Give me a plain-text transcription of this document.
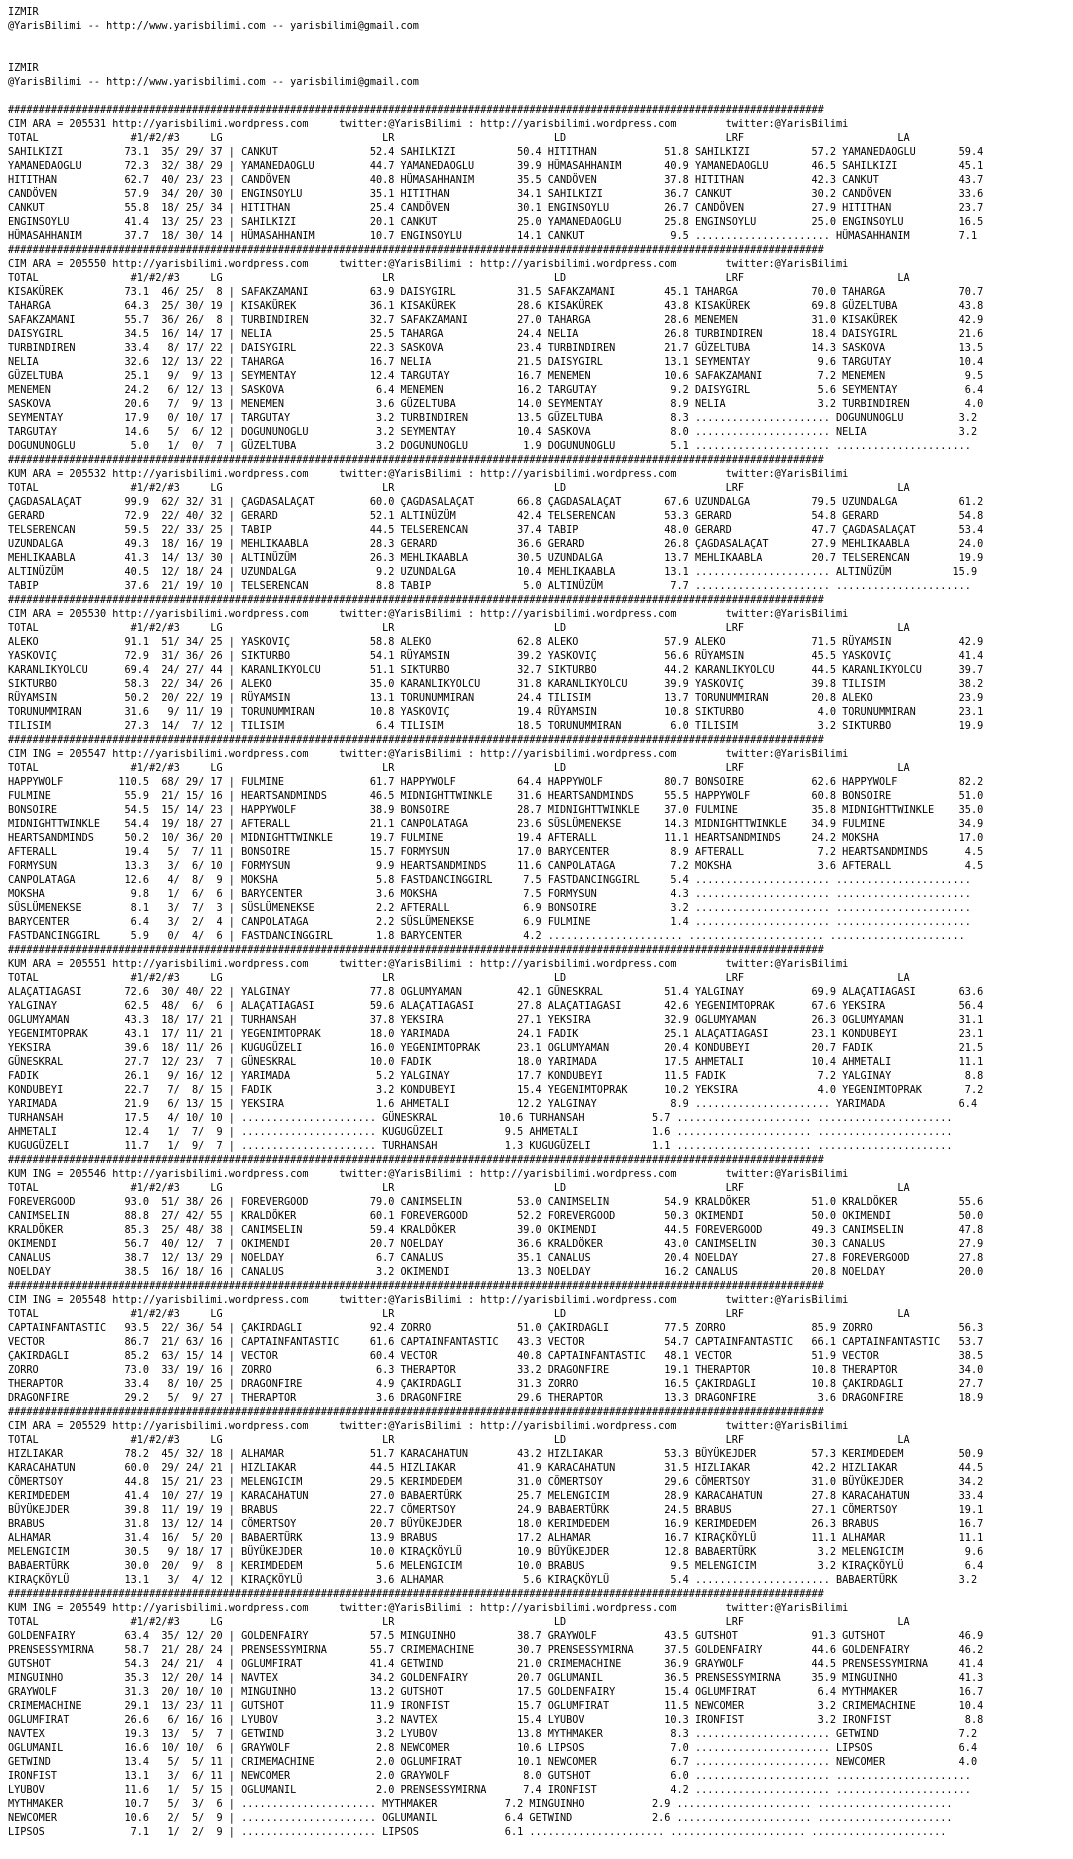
IZMIR
@YarisBilimi -- http://www.yarisbilimi.com -- yarisbilimi@gmail.com
IZMIR
@YarisBilimi -- http://www.yarisbilimi.com -- yarisbilimi@gmail.com
#####################################################################################################################################
CIM ARA = 205531 http://yarisbilimi.wordpress.com     twitter:@YarisBilimi : http://yarisbilimi.wordpress.com        twitter:@YarisBilimi
TOTAL               #1/#2/#3     LG                          LR                          LD                          LRF                         LA
SAHILKIZI          73.1  35/ 29/ 37 | CANKUT               52.4 SAHILKIZI          50.4 HITITHAN           51.8 SAHILKIZI          57.2 YAMANEDAOGLU       59.4
YAMANEDAOGLU       72.3  32/ 38/ 29 | YAMANEDAOGLU         44.7 YAMANEDAOGLU       39.9 HÜMASAHHANIM       40.9 YAMANEDAOGLU       46.5 SAHILKIZI          45.1
HITITHAN           62.7  40/ 23/ 23 | CANDÖVEN             40.8 HÜMASAHHANIM       35.5 CANDÖVEN           37.8 HITITHAN           42.3 CANKUT             43.7
CANDÖVEN           57.9  34/ 20/ 30 | ENGINSOYLU           35.1 HITITHAN           34.1 SAHILKIZI          36.7 CANKUT             30.2 CANDÖVEN           33.6
CANKUT             55.8  18/ 25/ 34 | HITITHAN             25.4 CANDÖVEN           30.1 ENGINSOYLU         26.7 CANDÖVEN           27.9 HITITHAN           23.7
ENGINSOYLU         41.4  13/ 25/ 23 | SAHILKIZI            20.1 CANKUT             25.0 YAMANEDAOGLU       25.8 ENGINSOYLU         25.0 ENGINSOYLU         16.5
HÜMASAHHANIM       37.7  18/ 30/ 14 | HÜMASAHHANIM         10.7 ENGINSOYLU         14.1 CANKUT              9.5 ...................... HÜMASAHHANIM        7.1
#####################################################################################################################################
CIM ARA = 205550 http://yarisbilimi.wordpress.com     twitter:@YarisBilimi : http://yarisbilimi.wordpress.com        twitter:@YarisBilimi
TOTAL               #1/#2/#3     LG                          LR                          LD                          LRF                         LA
KISAKÜREK          73.1  46/ 25/  8 | SAFAKZAMANI          63.9 DAISYGIRL          31.5 SAFAKZAMANI        45.1 TAHARGA            70.0 TAHARGA            70.7
TAHARGA            64.3  25/ 30/ 19 | KISAKÜREK            36.1 KISAKÜREK          28.6 KISAKÜREK          43.8 KISAKÜREK          69.8 GÜZELTUBA          43.8
SAFAKZAMANI        55.7  36/ 26/  8 | TURBINDIREN          32.7 SAFAKZAMANI        27.0 TAHARGA            28.6 MENEMEN            31.0 KISAKÜREK          42.9
DAISYGIRL          34.5  16/ 14/ 17 | NELIA                25.5 TAHARGA            24.4 NELIA              26.8 TURBINDIREN        18.4 DAISYGIRL          21.6
TURBINDIREN        33.4   8/ 17/ 22 | DAISYGIRL            22.3 SASKOVA            23.4 TURBINDIREN        21.7 GÜZELTUBA          14.3 SASKOVA            13.5
NELIA              32.6  12/ 13/ 22 | TAHARGA              16.7 NELIA              21.5 DAISYGIRL          13.1 SEYMENTAY           9.6 TARGUTAY           10.4
GÜZELTUBA          25.1   9/  9/ 13 | SEYMENTAY            12.4 TARGUTAY           16.7 MENEMEN            10.6 SAFAKZAMANI         7.2 MENEMEN             9.5
MENEMEN            24.2   6/ 12/ 13 | SASKOVA               6.4 MENEMEN            16.2 TARGUTAY            9.2 DAISYGIRL           5.6 SEYMENTAY           6.4
SASKOVA            20.6   7/  9/ 13 | MENEMEN               3.6 GÜZELTUBA          14.0 SEYMENTAY           8.9 NELIA               3.2 TURBINDIREN         4.0
SEYMENTAY          17.9   0/ 10/ 17 | TARGUTAY              3.2 TURBINDIREN        13.5 GÜZELTUBA           8.3 ...................... DOGUNUNOGLU         3.2
TARGUTAY           14.6   5/  6/ 12 | DOGUNUNOGLU           3.2 SEYMENTAY          10.4 SASKOVA             8.0 ...................... NELIA               3.2
DOGUNUNOGLU         5.0   1/  0/  7 | GÜZELTUBA             3.2 DOGUNUNOGLU         1.9 DOGUNUNOGLU         5.1 ...................... ......................
#####################################################################################################################################
KUM ARA = 205532 http://yarisbilimi.wordpress.com     twitter:@YarisBilimi : http://yarisbilimi.wordpress.com        twitter:@YarisBilimi
TOTAL               #1/#2/#3     LG                          LR                          LD                          LRF                         LA
ÇAGDASALAÇAT       99.9  62/ 32/ 31 | ÇAGDASALAÇAT         60.0 ÇAGDASALAÇAT       66.8 ÇAGDASALAÇAT       67.6 UZUNDALGA          79.5 UZUNDALGA          61.2
GERARD             72.9  22/ 40/ 32 | GERARD               52.1 ALTINÜZÜM          42.4 TELSERENCAN        53.3 GERARD             54.8 GERARD             54.8
TELSERENCAN        59.5  22/ 33/ 25 | TABIP                44.5 TELSERENCAN        37.4 TABIP              48.0 GERARD             47.7 ÇAGDASALAÇAT       53.4
UZUNDALGA          49.3  18/ 16/ 19 | MEHLIKAABLA          28.3 GERARD             36.6 GERARD             26.8 ÇAGDASALAÇAT       27.9 MEHLIKAABLA        24.0
MEHLIKAABLA        41.3  14/ 13/ 30 | ALTINÜZÜM            26.3 MEHLIKAABLA        30.5 UZUNDALGA          13.7 MEHLIKAABLA        20.7 TELSERENCAN        19.9
ALTINÜZÜM          40.5  12/ 18/ 24 | UZUNDALGA             9.2 UZUNDALGA          10.4 MEHLIKAABLA        13.1 ...................... ALTINÜZÜM          15.9
TABIP              37.6  21/ 19/ 10 | TELSERENCAN           8.8 TABIP               5.0 ALTINÜZÜM           7.7 ...................... ......................
#####################################################################################################################################
CIM ARA = 205530 http://yarisbilimi.wordpress.com     twitter:@YarisBilimi : http://yarisbilimi.wordpress.com        twitter:@YarisBilimi
TOTAL               #1/#2/#3     LG                          LR                          LD                          LRF                         LA
ALEKO              91.1  51/ 34/ 25 | YASKOVIÇ             58.8 ALEKO              62.8 ALEKO              57.9 ALEKO              71.5 RÜYAMSIN           42.9
YASKOVIÇ           72.9  31/ 36/ 26 | SIKTURBO             54.1 RÜYAMSIN           39.2 YASKOVIÇ           56.6 RÜYAMSIN           45.5 YASKOVIÇ           41.4
KARANLIKYOLCU      69.4  24/ 27/ 44 | KARANLIKYOLCU        51.1 SIKTURBO           32.7 SIKTURBO           44.2 KARANLIKYOLCU      44.5 KARANLIKYOLCU      39.7
SIKTURBO           58.3  22/ 34/ 26 | ALEKO                35.0 KARANLIKYOLCU      31.8 KARANLIKYOLCU      39.9 YASKOVIÇ           39.8 TILISIM            38.2
RÜYAMSIN           50.2  20/ 22/ 19 | RÜYAMSIN             13.1 TORUNUMMIRAN       24.4 TILISIM            13.7 TORUNUMMIRAN       20.8 ALEKO              23.9
TORUNUMMIRAN       31.6   9/ 11/ 19 | TORUNUMMIRAN         10.8 YASKOVIÇ           19.4 RÜYAMSIN           10.8 SIKTURBO            4.0 TORUNUMMIRAN       23.1
TILISIM            27.3  14/  7/ 12 | TILISIM               6.4 TILISIM            18.5 TORUNUMMIRAN        6.0 TILISIM             3.2 SIKTURBO           19.9
#####################################################################################################################################
CIM ING = 205547 http://yarisbilimi.wordpress.com     twitter:@YarisBilimi : http://yarisbilimi.wordpress.com        twitter:@YarisBilimi
TOTAL               #1/#2/#3     LG                          LR                          LD                          LRF                         LA
HAPPYWOLF         110.5  68/ 29/ 17 | FULMINE              61.7 HAPPYWOLF          64.4 HAPPYWOLF          80.7 BONSOIRE           62.6 HAPPYWOLF          82.2
FULMINE            55.9  21/ 15/ 16 | HEARTSANDMINDS       46.5 MIDNIGHTTWINKLE    31.6 HEARTSANDMINDS     55.5 HAPPYWOLF          60.8 BONSOIRE           51.0
BONSOIRE           54.5  15/ 14/ 23 | HAPPYWOLF            38.9 BONSOIRE           28.7 MIDNIGHTTWINKLE    37.0 FULMINE            35.8 MIDNIGHTTWINKLE    35.0
MIDNIGHTTWINKLE    54.4  19/ 18/ 27 | AFTERALL             21.1 CANPOLATAGA        23.6 SÜSLÜMENEKSE       14.3 MIDNIGHTTWINKLE    34.9 FULMINE            34.9
HEARTSANDMINDS     50.2  10/ 36/ 20 | MIDNIGHTTWINKLE      19.7 FULMINE            19.4 AFTERALL           11.1 HEARTSANDMINDS     24.2 MOKSHA             17.0
AFTERALL           19.4   5/  7/ 11 | BONSOIRE             15.7 FORMYSUN           17.0 BARYCENTER          8.9 AFTERALL            7.2 HEARTSANDMINDS      4.5
FORMYSUN           13.3   3/  6/ 10 | FORMYSUN              9.9 HEARTSANDMINDS     11.6 CANPOLATAGA         7.2 MOKSHA              3.6 AFTERALL            4.5
CANPOLATAGA        12.6   4/  8/  9 | MOKSHA                5.8 FASTDANCINGGIRL     7.5 FASTDANCINGGIRL     5.4 ...................... ......................
MOKSHA              9.8   1/  6/  6 | BARYCENTER            3.6 MOKSHA              7.5 FORMYSUN            4.3 ...................... ......................
SÜSLÜMENEKSE        8.1   3/  7/  3 | SÜSLÜMENEKSE          2.2 AFTERALL            6.9 BONSOIRE            3.2 ...................... ......................
BARYCENTER          6.4   3/  2/  4 | CANPOLATAGA           2.2 SÜSLÜMENEKSE        6.9 FULMINE             1.4 ...................... ......................
FASTDANCINGGIRL     5.9   0/  4/  6 | FASTDANCINGGIRL       1.8 BARYCENTER          4.2 ...................... ...................... ......................
#####################################################################################################################################
KUM ARA = 205551 http://yarisbilimi.wordpress.com     twitter:@YarisBilimi : http://yarisbilimi.wordpress.com        twitter:@YarisBilimi
TOTAL               #1/#2/#3     LG                          LR                          LD                          LRF                         LA
ALAÇATIAGASI       72.6  30/ 40/ 22 | YALGINAY             77.8 OGLUMYAMAN         42.1 GÜNESKRAL          51.4 YALGINAY           69.9 ALAÇATIAGASI       63.6
YALGINAY           62.5  48/  6/  6 | ALAÇATIAGASI         59.6 ALAÇATIAGASI       27.8 ALAÇATIAGASI       42.6 YEGENIMTOPRAK      67.6 YEKSIRA            56.4
OGLUMYAMAN         43.3  18/ 17/ 21 | TURHANSAH            37.8 YEKSIRA            27.1 YEKSIRA            32.9 OGLUMYAMAN         26.3 OGLUMYAMAN         31.1
YEGENIMTOPRAK      43.1  17/ 11/ 21 | YEGENIMTOPRAK        18.0 YARIMADA           24.1 FADIK              25.1 ALAÇATIAGASI       23.1 KONDUBEYI          23.1
YEKSIRA            39.6  18/ 11/ 26 | KUGUGÜZELI           16.0 YEGENIMTOPRAK      23.1 OGLUMYAMAN         20.4 KONDUBEYI          20.7 FADIK              21.5
GÜNESKRAL          27.7  12/ 23/  7 | GÜNESKRAL            10.0 FADIK              18.0 YARIMADA           17.5 AHMETALI           10.4 AHMETALI           11.1
FADIK              26.1   9/ 16/ 12 | YARIMADA              5.2 YALGINAY           17.7 KONDUBEYI          11.5 FADIK               7.2 YALGINAY            8.8
KONDUBEYI          22.7   7/  8/ 15 | FADIK                 3.2 KONDUBEYI          15.4 YEGENIMTOPRAK      10.2 YEKSIRA             4.0 YEGENIMTOPRAK       7.2
YARIMADA           21.9   6/ 13/ 15 | YEKSIRA               1.6 AHMETALI           12.2 YALGINAY            8.9 ...................... YARIMADA            6.4
TURHANSAH          17.5   4/ 10/ 10 | ...................... GÜNESKRAL          10.6 TURHANSAH           5.7 ...................... ......................
AHMETALI           12.4   1/  7/  9 | ...................... KUGUGÜZELI          9.5 AHMETALI            1.6 ...................... ......................
KUGUGÜZELI         11.7   1/  9/  7 | ...................... TURHANSAH           1.3 KUGUGÜZELI          1.1 ...................... ......................
#####################################################################################################################################
KUM ING = 205546 http://yarisbilimi.wordpress.com     twitter:@YarisBilimi : http://yarisbilimi.wordpress.com        twitter:@YarisBilimi
TOTAL               #1/#2/#3     LG                          LR                          LD                          LRF                         LA
FOREVERGOOD        93.0  51/ 38/ 26 | FOREVERGOOD          79.0 CANIMSELIN         53.0 CANIMSELIN         54.9 KRALDÖKER          51.0 KRALDÖKER          55.6
CANIMSELIN         88.8  27/ 42/ 55 | KRALDÖKER            60.1 FOREVERGOOD        52.2 FOREVERGOOD        50.3 OKIMENDI           50.0 OKIMENDI           50.0
KRALDÖKER          85.3  25/ 48/ 38 | CANIMSELIN           59.4 KRALDÖKER          39.0 OKIMENDI           44.5 FOREVERGOOD        49.3 CANIMSELIN         47.8
OKIMENDI           56.7  40/ 12/  7 | OKIMENDI             20.7 NOELDAY            36.6 KRALDÖKER          43.0 CANIMSELIN         30.3 CANALUS            27.9
CANALUS            38.7  12/ 13/ 29 | NOELDAY               6.7 CANALUS            35.1 CANALUS            20.4 NOELDAY            27.8 FOREVERGOOD        27.8
NOELDAY            38.5  16/ 18/ 16 | CANALUS               3.2 OKIMENDI           13.3 NOELDAY            16.2 CANALUS            20.8 NOELDAY            20.0
#####################################################################################################################################
CIM ING = 205548 http://yarisbilimi.wordpress.com     twitter:@YarisBilimi : http://yarisbilimi.wordpress.com        twitter:@YarisBilimi
TOTAL               #1/#2/#3     LG                          LR                          LD                          LRF                         LA
CAPTAINFANTASTIC   93.5  22/ 36/ 54 | ÇAKIRDAGLI           92.4 ZORRO              51.0 ÇAKIRDAGLI         77.5 ZORRO              85.9 ZORRO              56.3
VECTOR             86.7  21/ 63/ 16 | CAPTAINFANTASTIC     61.6 CAPTAINFANTASTIC   43.3 VECTOR             54.7 CAPTAINFANTASTIC   66.1 CAPTAINFANTASTIC   53.7
ÇAKIRDAGLI         85.2  63/ 15/ 14 | VECTOR               60.4 VECTOR             40.8 CAPTAINFANTASTIC   48.1 VECTOR             51.9 VECTOR             38.5
ZORRO              73.0  33/ 19/ 16 | ZORRO                 6.3 THERAPTOR          33.2 DRAGONFIRE         19.1 THERAPTOR          10.8 THERAPTOR          34.0
THERAPTOR          33.4   8/ 10/ 25 | DRAGONFIRE            4.9 ÇAKIRDAGLI         31.3 ZORRO              16.5 ÇAKIRDAGLI         10.8 ÇAKIRDAGLI         27.7
DRAGONFIRE         29.2   5/  9/ 27 | THERAPTOR             3.6 DRAGONFIRE         29.6 THERAPTOR          13.3 DRAGONFIRE          3.6 DRAGONFIRE         18.9
#####################################################################################################################################
CIM ARA = 205529 http://yarisbilimi.wordpress.com     twitter:@YarisBilimi : http://yarisbilimi.wordpress.com        twitter:@YarisBilimi
TOTAL               #1/#2/#3     LG                          LR                          LD                          LRF                         LA
HIZLIAKAR          78.2  45/ 32/ 18 | ALHAMAR              51.7 KARACAHATUN        43.2 HIZLIAKAR          53.3 BÜYÜKEJDER         57.3 KERIMDEDEM         50.9
KARACAHATUN        60.0  29/ 24/ 21 | HIZLIAKAR            44.5 HIZLIAKAR          41.9 KARACAHATUN        31.5 HIZLIAKAR          42.2 HIZLIAKAR          44.5
CÖMERTSOY          44.8  15/ 21/ 23 | MELENGICIM           29.5 KERIMDEDEM         31.0 CÖMERTSOY          29.6 CÖMERTSOY          31.0 BÜYÜKEJDER         34.2
KERIMDEDEM         41.4  10/ 27/ 19 | KARACAHATUN          27.0 BABAERTÜRK         25.7 MELENGICIM         28.9 KARACAHATUN        27.8 KARACAHATUN        33.4
BÜYÜKEJDER         39.8  11/ 19/ 19 | BRABUS               22.7 CÖMERTSOY          24.9 BABAERTÜRK         24.5 BRABUS             27.1 CÖMERTSOY          19.1
BRABUS             31.8  13/ 12/ 14 | CÖMERTSOY            20.7 BÜYÜKEJDER         18.0 KERIMDEDEM         16.9 KERIMDEDEM         26.3 BRABUS             16.7
ALHAMAR            31.4  16/  5/ 20 | BABAERTÜRK           13.9 BRABUS             17.2 ALHAMAR            16.7 KIRAÇKÖYLÜ         11.1 ALHAMAR            11.1
MELENGICIM         30.5   9/ 18/ 17 | BÜYÜKEJDER           10.0 KIRAÇKÖYLÜ         10.9 BÜYÜKEJDER         12.8 BABAERTÜRK          3.2 MELENGICIM          9.6
BABAERTÜRK         30.0  20/  9/  8 | KERIMDEDEM            5.6 MELENGICIM         10.0 BRABUS              9.5 MELENGICIM          3.2 KIRAÇKÖYLÜ          6.4
KIRAÇKÖYLÜ         13.1   3/  4/ 12 | KIRAÇKÖYLÜ            3.6 ALHAMAR             5.6 KIRAÇKÖYLÜ          5.4 ...................... BABAERTÜRK          3.2
#####################################################################################################################################
KUM ING = 205549 http://yarisbilimi.wordpress.com     twitter:@YarisBilimi : http://yarisbilimi.wordpress.com        twitter:@YarisBilimi
TOTAL               #1/#2/#3     LG                          LR                          LD                          LRF                         LA
GOLDENFAIRY        63.4  35/ 12/ 20 | GOLDENFAIRY          57.5 MINGUINHO          38.7 GRAYWOLF           43.5 GUTSHOT            91.3 GUTSHOT            46.9
PRENSESSYMIRNA     58.7  21/ 28/ 24 | PRENSESSYMIRNA       55.7 CRIMEMACHINE       30.7 PRENSESSYMIRNA     37.5 GOLDENFAIRY        44.6 GOLDENFAIRY        46.2
GUTSHOT            54.3  24/ 21/  4 | OGLUMFIRAT           41.4 GETWIND            21.0 CRIMEMACHINE       36.9 GRAYWOLF           44.5 PRENSESSYMIRNA     41.4
MINGUINHO          35.3  12/ 20/ 14 | NAVTEX               34.2 GOLDENFAIRY        20.7 OGLUMANIL          36.5 PRENSESSYMIRNA     35.9 MINGUINHO          41.3
GRAYWOLF           31.3  20/ 10/ 10 | MINGUINHO            13.2 GUTSHOT            17.5 GOLDENFAIRY        15.4 OGLUMFIRAT          6.4 MYTHMAKER          16.7
CRIMEMACHINE       29.1  13/ 23/ 11 | GUTSHOT              11.9 IRONFIST           15.7 OGLUMFIRAT         11.5 NEWCOMER            3.2 CRIMEMACHINE       10.4
OGLUMFIRAT         26.6   6/ 16/ 16 | LYUBOV                3.2 NAVTEX             15.4 LYUBOV             10.3 IRONFIST            3.2 IRONFIST            8.8
NAVTEX             19.3  13/  5/  7 | GETWIND               3.2 LYUBOV             13.8 MYTHMAKER           8.3 ...................... GETWIND             7.2
OGLUMANIL          16.6  10/ 10/  6 | GRAYWOLF              2.8 NEWCOMER           10.6 LIPSOS              7.0 ...................... LIPSOS              6.4
GETWIND            13.4   5/  5/ 11 | CRIMEMACHINE          2.0 OGLUMFIRAT         10.1 NEWCOMER            6.7 ...................... NEWCOMER            4.0
IRONFIST           13.1   3/  6/ 11 | NEWCOMER              2.0 GRAYWOLF            8.0 GUTSHOT             6.0 ...................... ......................
LYUBOV             11.6   1/  5/ 15 | OGLUMANIL             2.0 PRENSESSYMIRNA      7.4 IRONFIST            4.2 ...................... ......................
MYTHMAKER          10.7   5/  3/  6 | ...................... MYTHMAKER           7.2 MINGUINHO           2.9 ...................... ......................
NEWCOMER           10.6   2/  5/  9 | ...................... OGLUMANIL           6.4 GETWIND             2.6 ...................... ......................
LIPSOS              7.1   1/  2/  9 | ...................... LIPSOS              6.1 ...................... ...................... ......................
